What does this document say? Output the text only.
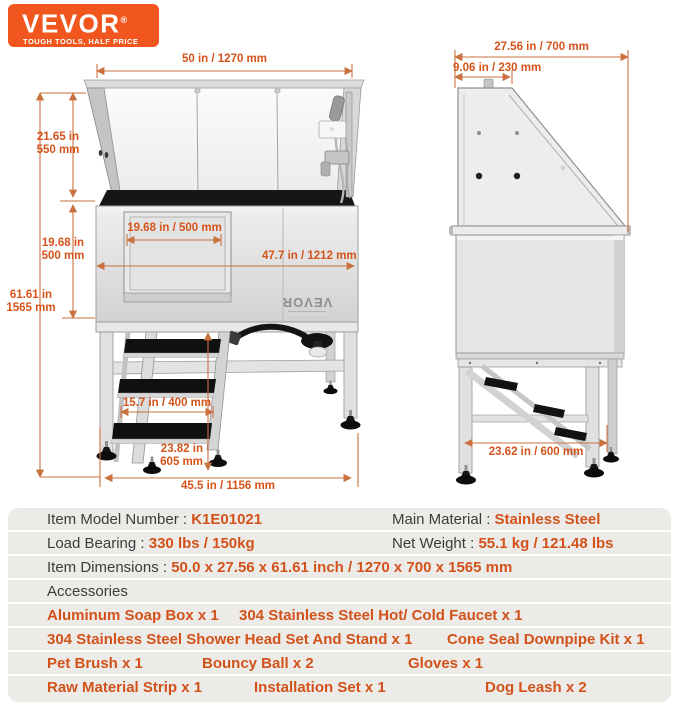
VEVOR®
TOUGH TOOLS, HALF PRICE
VEVOR
50 in / 1270 mm
21.65 in
550 mm
19.68 in
500 mm
61.61 in
1565 mm
19.68 in / 500 mm
47.7 in / 1212 mm
15.7 in / 400 mm
23.82 in
605 mm
45.5 in / 1156 mm
27.56 in / 700 mm
9.06 in / 230 mm
23.62 in / 600 mm
Item Model Number : K1E01021	Main Material : Stainless Steel
Load Bearing : 330 lbs / 150kg	Net Weight : 55.1 kg / 121.48 lbs
Item Dimensions : 50.0 x 27.56 x 61.61 inch / 1270 x 700 x 1565 mm
Accessories
Aluminum Soap Box x 1 304 Stainless Steel Hot/ Cold Faucet x 1
304 Stainless Steel Shower Head Set And Stand x 1 Cone Seal Downpipe Kit x 1
Pet Brush x 1	Bouncy Ball x 2	Gloves x 1
Raw Material Strip x 1	Installation Set x 1	Dog Leash x 2
